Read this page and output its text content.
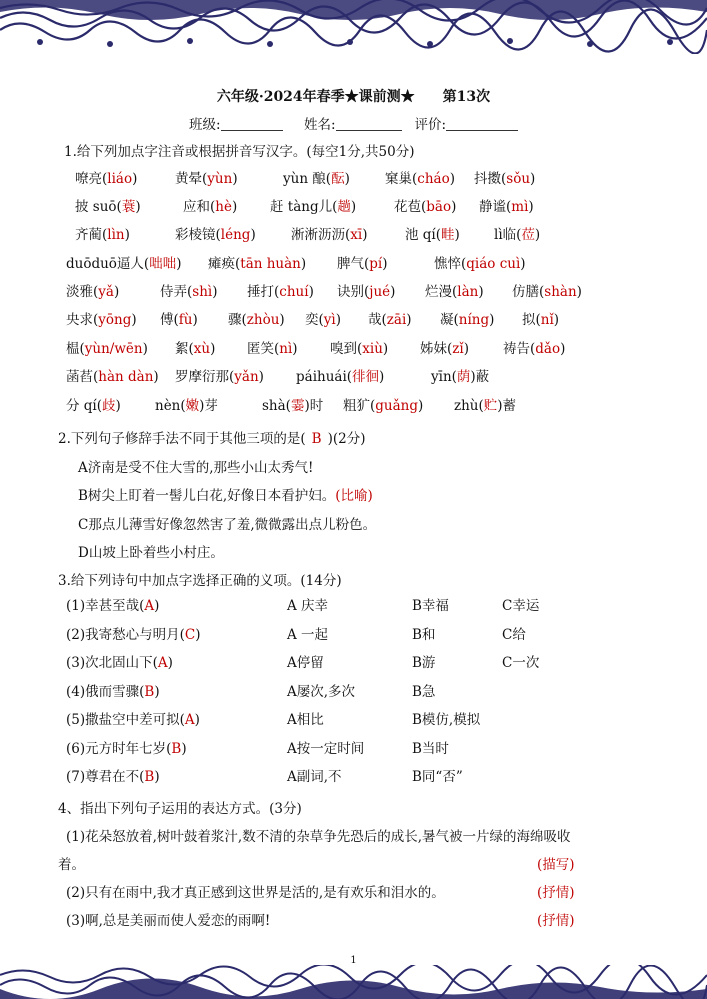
六年级·2024年春季★课前测★ 第13次
班级:	姓名:	评价:
1.给下列加点字注音或根据拼音写汉字。(每空1分,共50分)
嘹亮(liáo)	黄晕(yùn)	yùn 酿(酝)	窠巢(cháo) 抖擞(sǒu)
披 suō(蓑)	应和(hè) 赶 tàng儿(趟)	花苞(bāo) 静谧(mì)
齐蔺(lìn)	彩棱镜(léng)	淅淅沥沥(xī)	池 qí(畦)	lì临(莅)
duōduō逼人(咄咄) 瘫痪(tān huàn) 脾气(pí)	憔悴(qiáo cuì)
淡雅(yǎ)	侍弄(shì) 捶打(chuí) 诀别(jué) 烂漫(làn) 仿膳(shàn)
央求(yōng) 傅(fù) 骤(zhòu) 奕(yì) 哉(zāi) 凝(níng) 拟(nǐ)
榅(yùn/wēn) 絮(xù) 匿笑(nì) 嗅到(xiù) 姊妹(zǐ)	祷告(dǎo)
菡萏(hàn dàn) 罗摩衍那(yǎn) páihuái(徘徊)	yīn(荫)蔽
分 qí(歧)	nèn(嫩)芽	shà(霎)时 粗犷(guǎng) zhù(贮)蓄
2.下列句子修辞手法不同于其他三项的是( B )(2分)
A济南是受不住大雪的,那些小山太秀气!
B树尖上盯着一髻儿白花,好像日本看护妇。(比喻)
C那点儿薄雪好像忽然害了羞,微微露出点儿粉色。
D山坡上卧着些小村庄。
3.给下列诗句中加点字选择正确的义项。(14分)
(1)幸甚至哉(A)	A 庆幸	B幸福	C幸运
(2)我寄愁心与明月(C)	A 一起	B和	C给
(3)次北固山下(A)	A停留	B游	C一次
(4)俄而雪骤(B)	A屡次,多次	B急
(5)撒盐空中差可拟(A)	A相比	B模仿,模拟
(6)元方时年七岁(B)	A按一定时间	B当时
(7)尊君在不(B)	A副词,不	B同“否”
4、指出下列句子运用的表达方式。(3分)
(1)花朵怒放着,树叶鼓着浆汁,数不清的杂草争先恐后的成长,暑气被一片绿的海绵吸收
着。	(描写)
(2)只有在雨中,我才真正感到这世界是活的,是有欢乐和泪水的。	(抒情)
(3)啊,总是美丽而使人爱恋的雨啊!	(抒情)
1
